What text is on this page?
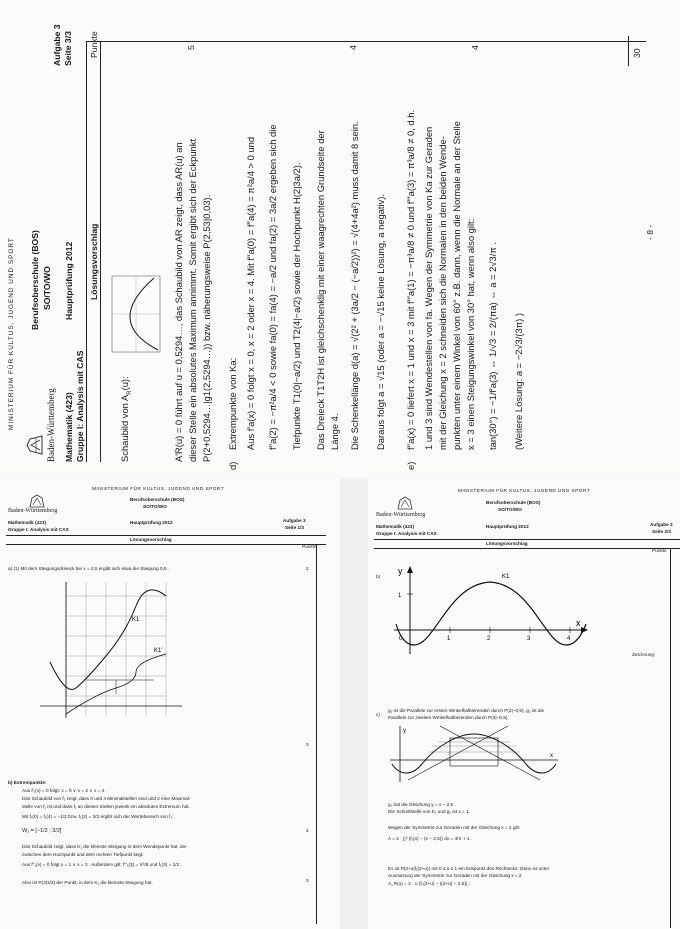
MINISTERIUM FÜR KULTUS, JUGEND UND SPORT	Baden-Württemberg
Berufsoberschule (BOS) SO/TO/WO
Mathematik (423) Gruppe I: Analysis mit CAS
Hauptprüfung 2012
Aufgabe 3 Seite 3/3
Lösungsvorschlag
Punkte
Schaubild von $A_R(u)$:	A′R(u) = 0 führt auf u = 0,5294…, das Schaubild von AR zeigt, dass AR(u) an dieser Stelle ein absolutes Maximum annimmt. Somit ergibt sich der Eckpunkt P(2+0,5294…|g1(2,5294…)) bzw. näherungsweise P(2,53|0,03).
5
d)
Extrempunkte von Ka: Aus f′a(x) = 0 folgt x = 0, x = 2 oder x = 4. Mit f′′a(0) = f′′a(4) = π²a/4 > 0 und f′′a(2) = −π²a/4 < 0 sowie fa(0) = fa(4) = −a/2 und fa(2) = 3a/2 ergeben sich die Tiefpunkte T1(0|−a/2) und T2(4|−a/2) sowie der Hochpunkt H(2|3a/2). Das Dreieck T1T2H ist gleichschenklig mit einer waagrechten Grundseite der Länge 4. Die Schenkellänge d(a) = √(2² + (3a/2 − (−a/2))²) = √(4+4a²) muss damit 8 sein. Daraus folgt a = √15 (oder a = −√15 keine Lösung, a negativ).
4
e)
f′′a(x) = 0 liefert x = 1 und x = 3 mit f′′′a(1) = −π³a/8 ≠ 0 und f′′′a(3) = π³a/8 ≠ 0, d.h. 1 und 3 sind Wendestellen von fa. Wegen der Symmetrie von Ka zur Geraden mit der Gleichung x = 2 schneiden sich die Normalen in den beiden Wende- punkten unter einem Winkel von 60° z.B. dann, wenn die Normale an der Stelle x = 3 einen Steigungswinkel von 30° hat, wenn also gilt: tan(30°) = −1/f′a(3) ⇔ 1/√3 = 2/(πa) ⇔ a = 2√3/π . (Weitere Lösung: a = −2√3/(3π) )
4
30
- 8 -
MINISTERIUM FÜR KULTUS, JUGEND UND SPORT
Baden-Württemberg
Berufsoberschule (BOS)
SO/TO/WO
Mathematik (423)
Gruppe I: Analysis mit CAS
Hauptprüfung 2012	Aufgabe 3
Seite 1/3
Lösungsvorschlag
Punkte
a) (1) Mit dem Steigungsdreieck bei x = 2,5 ergibt sich etwa die Steigung 0,5 .	2
K1
K1′
3
b) Extrempunkte:
Aus f′₁(x) = 0 folgt: x = 0 ∨ x = 2 ∨ x = 4 .
Das Schaubild von f₁ zeigt, dass 0 und 4 Minimalstellen sind und 2 eine Maximal-
stelle von f₁ ist und dass f₁ an diesen Stellen jeweils ein absolutes Extremum hat.
Mit f₁(0) = f₁(4) = −1/2 bzw. f₁(2) = 3/2 ergibt sich der Wertebereich von f₁:
W₁ = [−1/2 ; 3/2]	2
Das Schaubild zeigt, dass K₁ die kleinste Steigung in dem Wendepunkt hat, der
zwischen dem Hochpunkt und dem rechten Tiefpunkt liegt.
Aus f′′₁(x) = 0 folgt x = 1 ∨ x = 3 . Außerdem gilt: f′′′₁(3) = π³/8 und f₁(3) = 1/2 .
Also ist P(3|1/2) der Punkt, in dem K₁ die kleinste Steigung hat.	3
MINISTERIUM FÜR KULTUS, JUGEND UND SPORT
Baden-Württemberg
Berufsoberschule (BOS)
SO/TO/WO
Mathematik (423)
Gruppe I: Analysis mit CAS
Hauptprüfung 2012	Aufgabe 3
Seite 2/3
Lösungsvorschlag
Punkte
b)
y
x
1
0	1	2	3	4
K1
Zeichnung:
c)
g₁ ist die Parallele zur ersten Winkelhalbierenden durch P(2|−0,5), g₂ ist die
Parallele zur zweiten Winkelhalbierenden durch P(2|−0,5).
y
x
g₁ hat die Gleichung y = x − 2,5 .
Die Schnittstelle von K₁ und g₁ ist x = 1.
Wegen der Symmetrie zur Geraden mit der Gleichung x = 2 gilt:
A = 2 · ∫₁² (f₁(x) − (x − 2,5)) dx = 4/π + 1 .
Es ist P(2+u|f₁(2+u)) mit 0 ≤ u ≤ 1 ein Eckpunkt des Rechtecks. Dann ist unter
Ausnutzung der Symmetrie zur Geraden mit der Gleichung x = 2
A_R(u) = 2 · u (f₁(2+u) − ((2+u) − 2,5)) .
